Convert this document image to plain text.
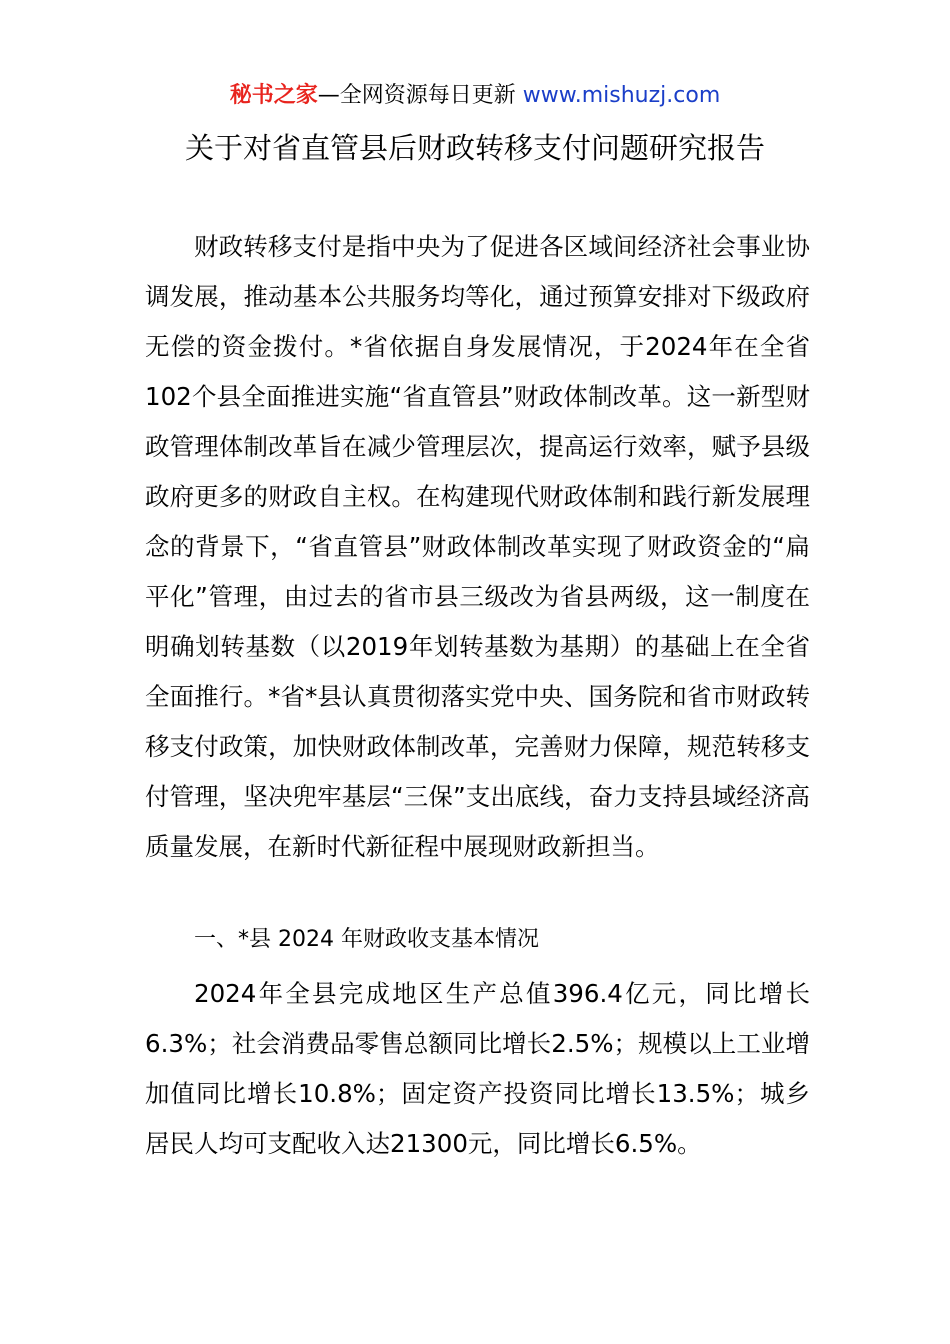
秘书之家—全网资源每日更新 www.mishuzj.com
关于对省直管县后财政转移支付问题研究报告

财政转移支付是指中央为了促进各区域间经济社会事业协调发展，推动基本公共服务均等化，通过预算安排对下级政府无偿的资金拨付。*省依据自身发展情况，于2024年在全省102个县全面推进实施“省直管县”财政体制改革。这一新型财政管理体制改革旨在减少管理层次，提高运行效率，赋予县级政府更多的财政自主权。在构建现代财政体制和践行新发展理念的背景下，“省直管县”财政体制改革实现了财政资金的“扁平化”管理，由过去的省市县三级改为省县两级，这一制度在明确划转基数（以2019年划转基数为基期）的基础上在全省全面推行。*省*县认真贯彻落实党中央、国务院和省市财政转移支付政策，加快财政体制改革，完善财力保障，规范转移支付管理，坚决兜牢基层“三保”支出底线，奋力支持县域经济高质量发展，在新时代新征程中展现财政新担当。

一、*县 2024 年财政收支基本情况

2024年全县完成地区生产总值396.4亿元，同比增长6.3%；社会消费品零售总额同比增长2.5%；规模以上工业增加值同比增长10.8%；固定资产投资同比增长13.5%；城乡居民人均可支配收入达21300元，同比增长6.5%。
